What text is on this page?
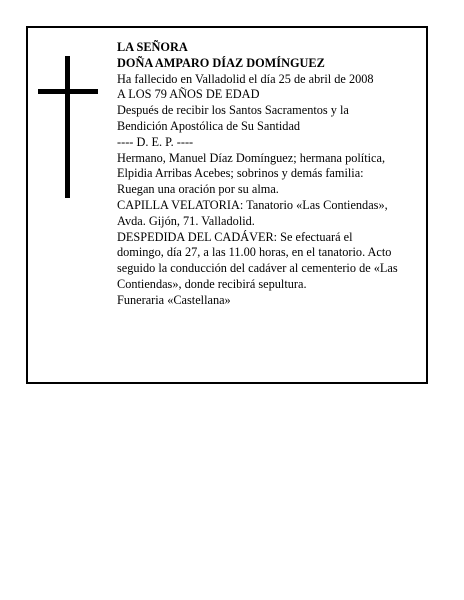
LA SEÑORA
DOÑA AMPARO DÍAZ DOMÍNGUEZ
Ha fallecido en Valladolid el día 25 de abril de 2008
A LOS 79 AÑOS DE EDAD
Después de recibir los Santos Sacramentos y la
Bendición Apostólica de Su Santidad
---- D. E. P. ----
Hermano, Manuel Díaz Domínguez; hermana política,
Elpidia Arribas Acebes; sobrinos y demás familia:
Ruegan una oración por su alma.
CAPILLA VELATORIA: Tanatorio «Las Contiendas»,
Avda. Gijón, 71. Valladolid.
DESPEDIDA DEL CADÁVER: Se efectuará el
domingo, día 27, a las 11.00 horas, en el tanatorio. Acto
seguido la conducción del cadáver al cementerio de «Las
Contiendas», donde recibirá sepultura.
Funeraria «Castellana»
